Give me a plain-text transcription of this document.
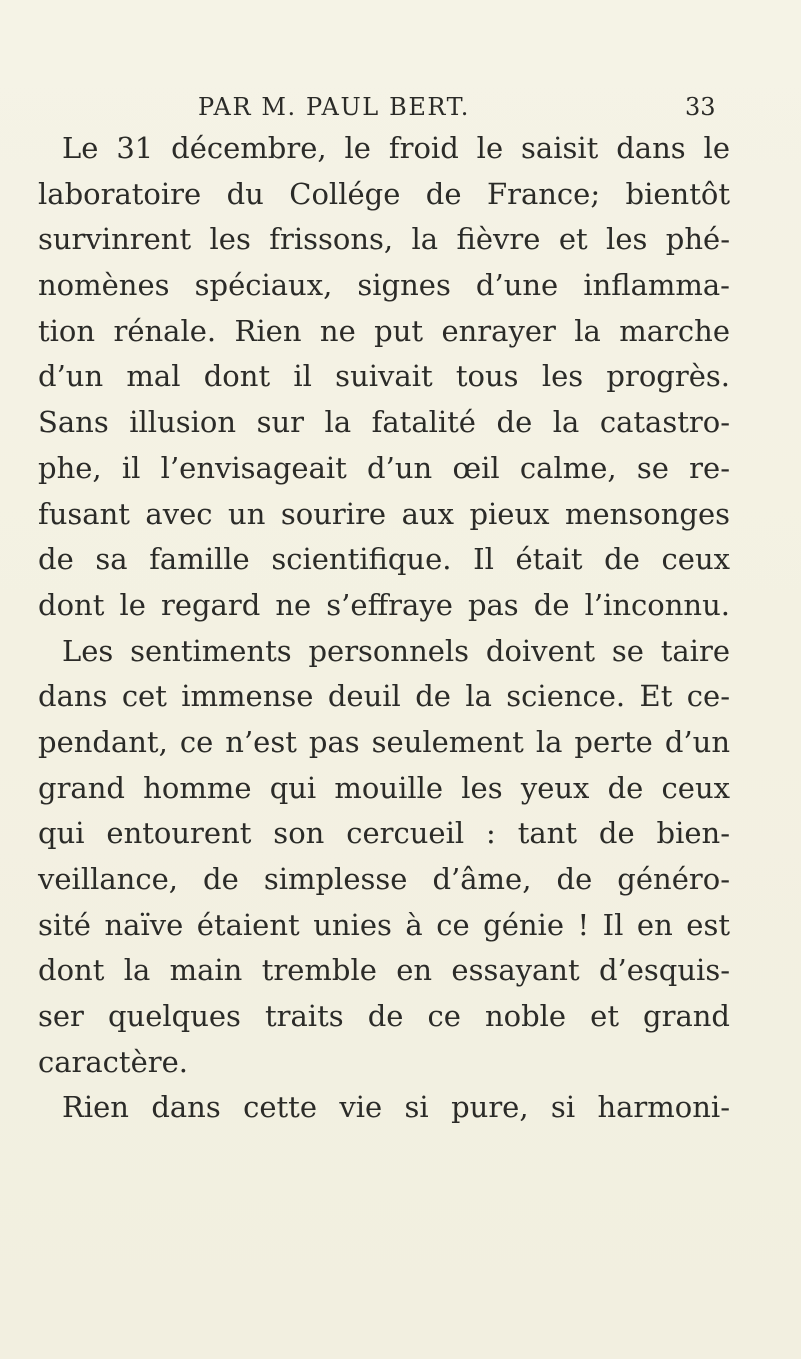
PAR M. PAUL BERT.	33
Le 31 décembre, le froid le saisit dans le
laboratoire du Collége de France; bientôt
survinrent les frissons, la fièvre et les phé-
nomènes spéciaux, signes d’une inflamma-
tion rénale. Rien ne put enrayer la marche
d’un mal dont il suivait tous les progrès.
Sans illusion sur la fatalité de la catastro-
phe, il l’envisageait d’un œil calme, se re-
fusant avec un sourire aux pieux mensonges
de sa famille scientifique. Il était de ceux
dont le regard ne s’effraye pas de l’inconnu.
Les sentiments personnels doivent se taire
dans cet immense deuil de la science. Et ce-
pendant, ce n’est pas seulement la perte d’un
grand homme qui mouille les yeux de ceux
qui entourent son cercueil : tant de bien-
veillance, de simplesse d’âme, de généro-
sité naïve étaient unies à ce génie ! Il en est
dont la main tremble en essayant d’esquis-
ser quelques traits de ce noble et grand
caractère.
Rien dans cette vie si pure, si harmoni-
